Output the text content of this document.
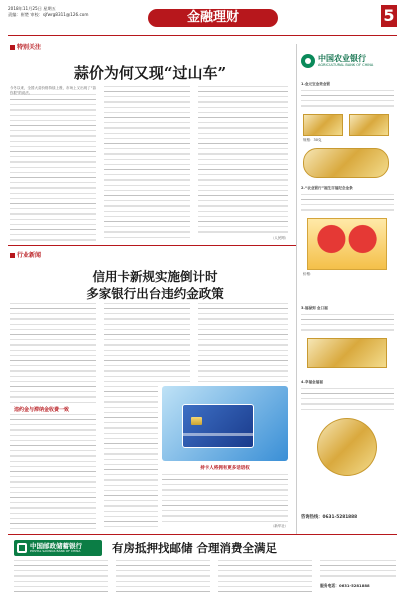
2018年11月25日 星期五
责编：崔楚 审校：sjfwrg8311@126.com	金融理财	5
特别关注
蒜价为何又现“过山车”
今冬以来，全国大蒜价格持续上涨，市场上又出现了“蒜你狠”的说法。
（人民网）
行业新闻
信用卡新规实施倒计时
多家银行出台违约金政策
违约金与滞纳金收费一致
持卡人将拥有更多话语权
（新华社）
中国农业银行
AGRICULTURAL BANK OF CHINA
1.金元宝金贵金银
规格：30克
2.“农业银行”福生百福纪念金条
价格：
3.福禄到 金口福
4.幸福金福福
咨询热线：0631-5281888
中国邮政储蓄银行
POSTAL SAVINGS BANK OF CHINA	有房抵押找邮储 合理消费全满足
服务电话：0631-5281888
